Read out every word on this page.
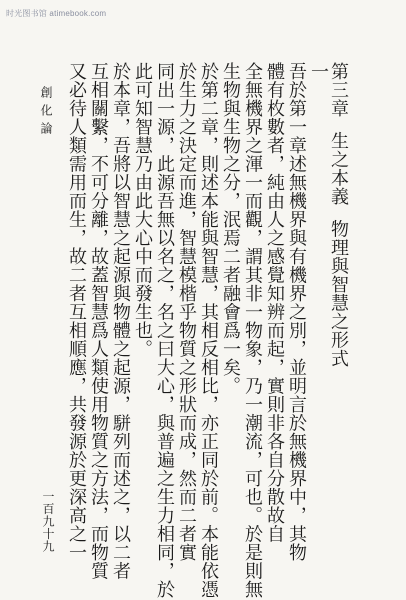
时光图书馆 atimebook.com
第三章生之本義物理與智慧之形式
一
吾於第一章述無機界與有機界之別，並明言於無機界中，其物
體有枚數者，純由人之感覺知辨而起，實則非各自分散故自
全無機界之渾一而觀，謂其非一物象，乃一潮流，可也。於是則無
生物與生物之分，泯焉二者融會爲一矣。
於第二章，則述本能與智慧，其相反相比，亦正同於前。本能依憑
於生力之決定而進，智慧模楷乎物質之形狀而成，然而二者實
同出一源，此源吾無以名之，名之曰大心，與普遍之生力相同，於
此可知智慧乃由此大心中而發生也。
於本章，吾將以智慧之起源與物體之起源，駢列而述之，以二者
互相關繫，不可分離，故蓋智慧爲人類使用物質之方法，而物質
又必待人類需用而生，故二者互相順應，共發源於更深高之一
創化論
一百九十九
